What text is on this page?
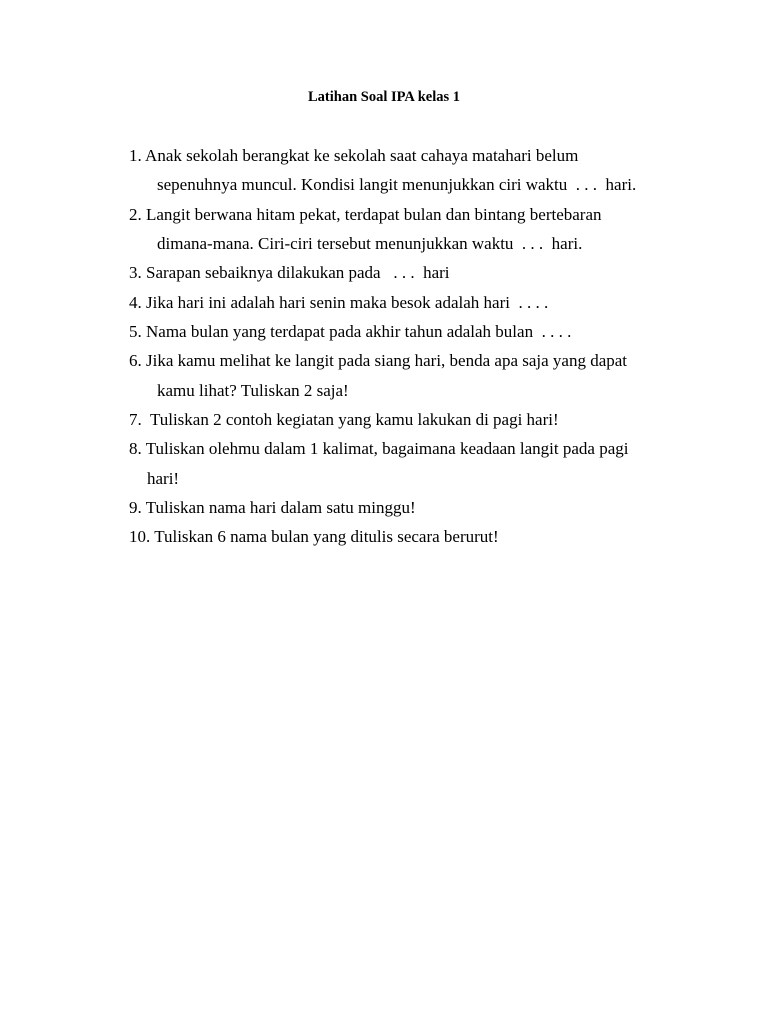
Latihan Soal IPA kelas 1
1. Anak sekolah berangkat ke sekolah saat cahaya matahari belum
sepenuhnya muncul. Kondisi langit menunjukkan ciri waktu  . . .  hari.
2. Langit berwana hitam pekat, terdapat bulan dan bintang bertebaran
dimana-mana. Ciri-ciri tersebut menunjukkan waktu  . . .  hari.
3. Sarapan sebaiknya dilakukan pada   . . .  hari
4. Jika hari ini adalah hari senin maka besok adalah hari  . . . .
5. Nama bulan yang terdapat pada akhir tahun adalah bulan  . . . .
6. Jika kamu melihat ke langit pada siang hari, benda apa saja yang dapat
kamu lihat? Tuliskan 2 saja!
7.  Tuliskan 2 contoh kegiatan yang kamu lakukan di pagi hari!
8. Tuliskan olehmu dalam 1 kalimat, bagaimana keadaan langit pada pagi
hari!
9. Tuliskan nama hari dalam satu minggu!
10. Tuliskan 6 nama bulan yang ditulis secara berurut!
